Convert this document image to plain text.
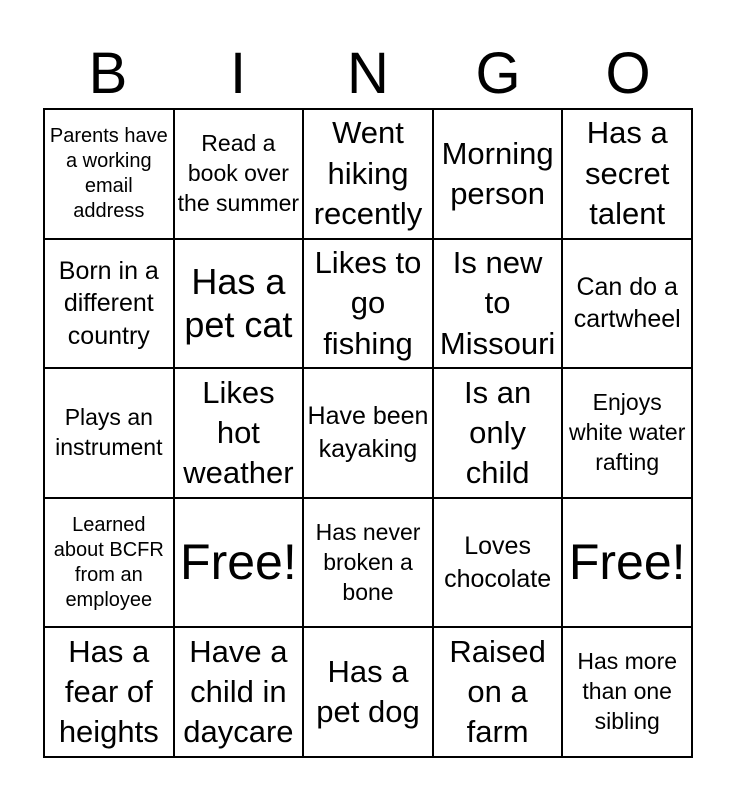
B	I	N	G	O
Parents have a working email address
Read a book over the summer
Went hiking recently
Morning person
Has a secret talent
Born in a different country
Has a pet cat
Likes to go fishing
Is new to Missouri
Can do a cartwheel
Plays an instrument
Likes hot weather
Have been kayaking
Is an only child
Enjoys white water rafting
Learned about BCFR from an employee
Free!
Has never broken a bone
Loves chocolate Free!
Has a fear of heights
Have a child in daycare
Has a pet dog
Raised on a farm
Has more than one sibling
